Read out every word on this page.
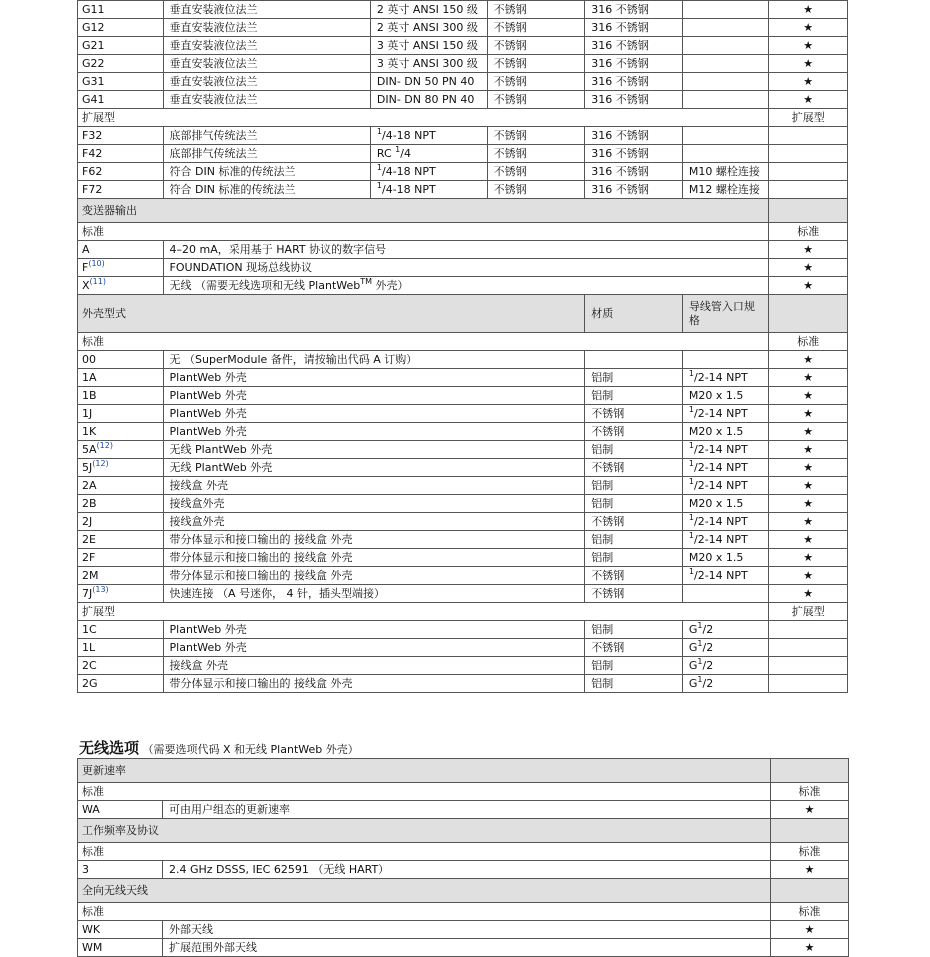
G11	垂直安装液位法兰	2 英寸 ANSI 150 级	不锈钢	316 不锈钢		★
G12	垂直安装液位法兰	2 英寸 ANSI 300 级	不锈钢	316 不锈钢		★
G21	垂直安装液位法兰	3 英寸 ANSI 150 级	不锈钢	316 不锈钢		★
G22	垂直安装液位法兰	3 英寸 ANSI 300 级	不锈钢	316 不锈钢		★
G31	垂直安装液位法兰	DIN- DN 50 PN 40	不锈钢	316 不锈钢		★
G41	垂直安装液位法兰	DIN- DN 80 PN 40	不锈钢	316 不锈钢		★
扩展型						扩展型
F32	底部排气传统法兰	$^1$/4-18 NPT	不锈钢	316 不锈钢		
F42	底部排气传统法兰	RC $^1$/4	不锈钢	316 不锈钢		
F62	符合 DIN 标准的传统法兰	$^1$/4-18 NPT	不锈钢	316 不锈钢	M10 螺栓连接	
F72	符合 DIN 标准的传统法兰	$^1$/4-18 NPT	不锈钢	316 不锈钢	M12 螺栓连接	
变送器输出						
标准						标准
A	4–20 mA，采用基于 HART 协议的数字信号					★
$F^{(10)}$	FOUNDATION 现场总线协议					★
$X^{(11)}$	无线 （需要无线选项和无线 PlantWeb™ 外壳）					★
外壳型式				材质	导线管入口规格	
标准						标准
00	无 （SuperModule 备件，请按输出代码 A 订购）					★
1A	PlantWeb 外壳			铝制	$^1$/2-14 NPT	★
1B	PlantWeb 外壳			铝制	M20 x 1.5	★
1J	PlantWeb 外壳			不锈钢	$^1$/2-14 NPT	★
1K	PlantWeb 外壳			不锈钢	M20 x 1.5	★
$5A^{(12)}$	无线 PlantWeb 外壳			铝制	$^1$/2-14 NPT	★
$5J^{(12)}$	无线 PlantWeb 外壳			不锈钢	$^1$/2-14 NPT	★
2A	接线盒 外壳			铝制	$^1$/2-14 NPT	★
2B	接线盒外壳			铝制	M20 x 1.5	★
2J	接线盒外壳			不锈钢	$^1$/2-14 NPT	★
2E	带分体显示和接口输出的 接线盒 外壳			铝制	$^1$/2-14 NPT	★
2F	带分体显示和接口输出的 接线盒 外壳			铝制	M20 x 1.5	★
2M	带分体显示和接口输出的 接线盒 外壳			不锈钢	$^1$/2-14 NPT	★
$7J^{(13)}$	快速连接 （A 号迷你， 4 针，插头型端接）			不锈钢		★
扩展型						扩展型
1C	PlantWeb 外壳			铝制	$G^1/2$	
1L	PlantWeb 外壳			不锈钢	$G^1/2$	
2C	接线盒 外壳			铝制	$G^1/2$	
2G	带分体显示和接口输出的 接线盒 外壳			铝制	$G^1/2$	
无线选项 （需要选项代码 X 和无线 PlantWeb 外壳）
更新速率		
标准		标准
WA	可由用户组态的更新速率	★
工作频率及协议		
标准		标准
3	2.4 GHz DSSS, IEC 62591 （无线 HART）	★
全向无线天线		
标准		标准
WK	外部天线	★
WM	扩展范围外部天线	★
